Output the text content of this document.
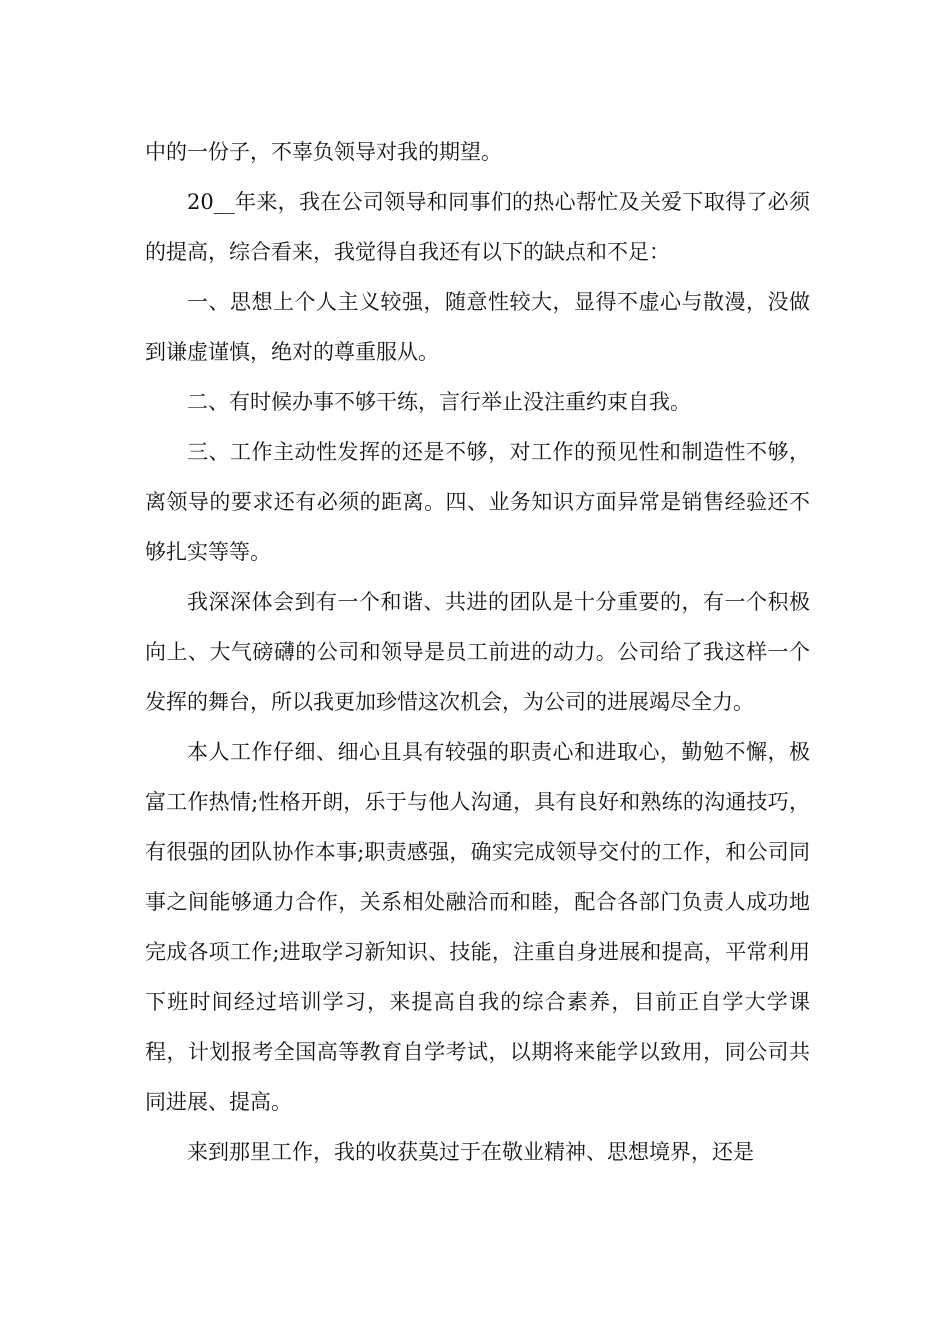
中的一份子，不辜负领导对我的期望。

20__年来，我在公司领导和同事们的热心帮忙及关爱下取得了必须的提高，综合看来，我觉得自我还有以下的缺点和不足：

一、思想上个人主义较强，随意性较大，显得不虚心与散漫，没做到谦虚谨慎，绝对的尊重服从。

二、有时候办事不够干练，言行举止没注重约束自我。

三、工作主动性发挥的还是不够，对工作的预见性和制造性不够，离领导的要求还有必须的距离。四、业务知识方面异常是销售经验还不够扎实等等。

我深深体会到有一个和谐、共进的团队是十分重要的，有一个积极向上、大气磅礴的公司和领导是员工前进的动力。公司给了我这样一个发挥的舞台，所以我更加珍惜这次机会，为公司的进展竭尽全力。

本人工作仔细、细心且具有较强的职责心和进取心，勤勉不懈，极富工作热情;性格开朗，乐于与他人沟通，具有良好和熟练的沟通技巧，有很强的团队协作本事;职责感强，确实完成领导交付的工作，和公司同事之间能够通力合作，关系相处融洽而和睦，配合各部门负责人成功地完成各项工作;进取学习新知识、技能，注重自身进展和提高，平常利用下班时间经过培训学习，来提高自我的综合素养，目前正自学大学课程，计划报考全国高等教育自学考试，以期将来能学以致用，同公司共同进展、提高。

来到那里工作，我的收获莫过于在敬业精神、思想境界，还是
